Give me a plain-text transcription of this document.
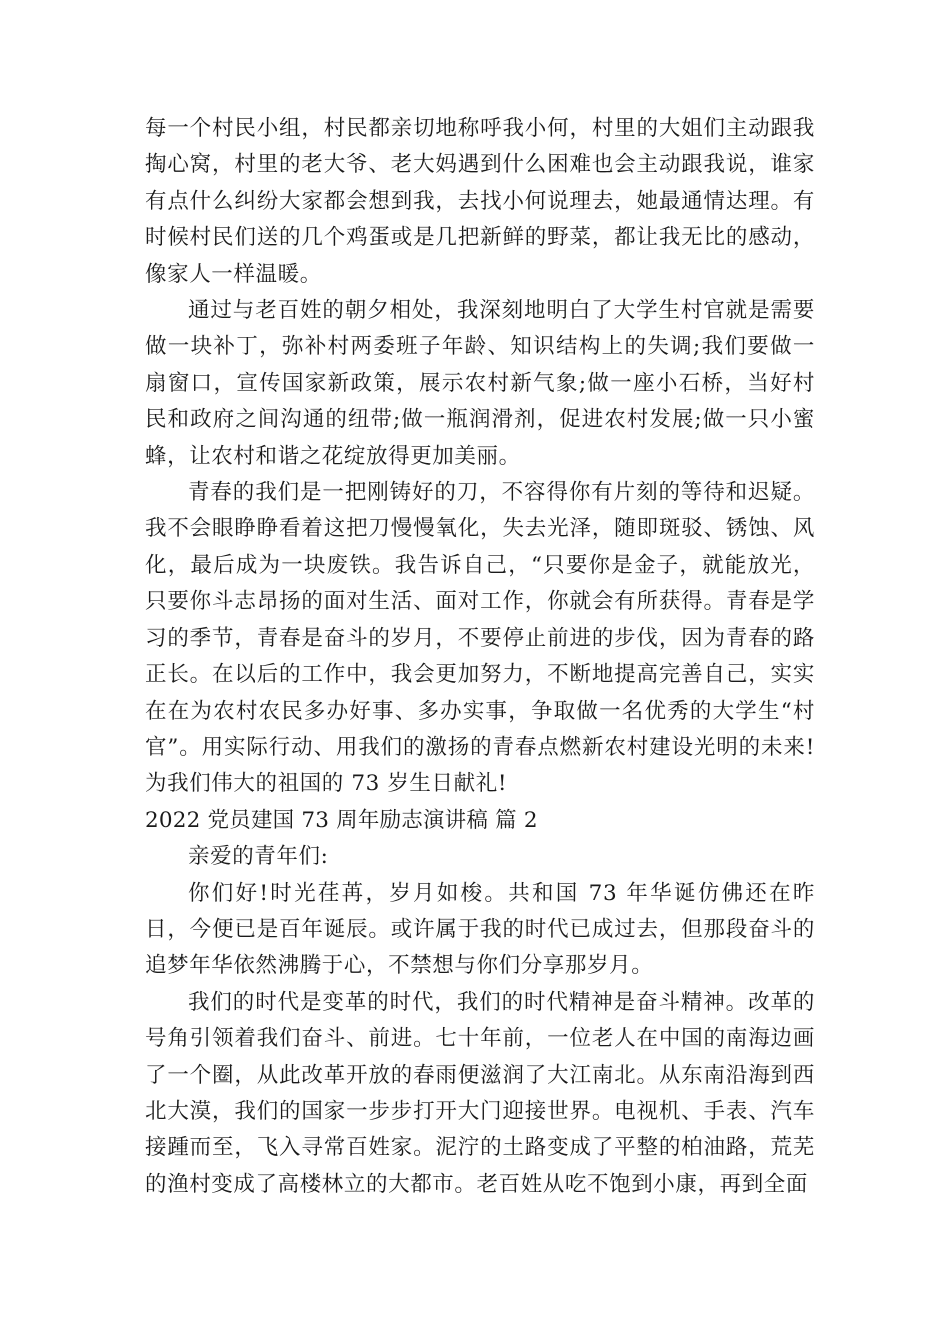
每一个村民小组，村民都亲切地称呼我小何，村里的大姐们主动跟我掏心窝，村里的老大爷、老大妈遇到什么困难也会主动跟我说，谁家有点什么纠纷大家都会想到我，去找小何说理去，她最通情达理。有时候村民们送的几个鸡蛋或是几把新鲜的野菜，都让我无比的感动，像家人一样温暖。

通过与老百姓的朝夕相处，我深刻地明白了大学生村官就是需要做一块补丁，弥补村两委班子年龄、知识结构上的失调;我们要做一扇窗口，宣传国家新政策，展示农村新气象;做一座小石桥，当好村民和政府之间沟通的纽带;做一瓶润滑剂，促进农村发展;做一只小蜜蜂，让农村和谐之花绽放得更加美丽。

青春的我们是一把刚铸好的刀，不容得你有片刻的等待和迟疑。我不会眼睁睁看着这把刀慢慢氧化，失去光泽，随即斑驳、锈蚀、风化，最后成为一块废铁。我告诉自己，“只要你是金子，就能放光，只要你斗志昂扬的面对生活、面对工作，你就会有所获得。青春是学习的季节，青春是奋斗的岁月，不要停止前进的步伐，因为青春的路正长。在以后的工作中，我会更加努力，不断地提高完善自己，实实在在为农村农民多办好事、多办实事，争取做一名优秀的大学生“村官”。用实际行动、用我们的激扬的青春点燃新农村建设光明的未来!为我们伟大的祖国的 73 岁生日献礼!

2022 党员建国 73 周年励志演讲稿 篇 2

亲爱的青年们:

你们好!时光荏苒，岁月如梭。共和国 73 年华诞仿佛还在昨日，今便已是百年诞辰。或许属于我的时代已成过去，但那段奋斗的追梦年华依然沸腾于心，不禁想与你们分享那岁月。

我们的时代是变革的时代，我们的时代精神是奋斗精神。改革的号角引领着我们奋斗、前进。七十年前，一位老人在中国的南海边画了一个圈，从此改革开放的春雨便滋润了大江南北。从东南沿海到西北大漠，我们的国家一步步打开大门迎接世界。电视机、手表、汽车接踵而至，飞入寻常百姓家。泥泞的土路变成了平整的柏油路，荒芜的渔村变成了高楼林立的大都市。老百姓从吃不饱到小康，再到全面
